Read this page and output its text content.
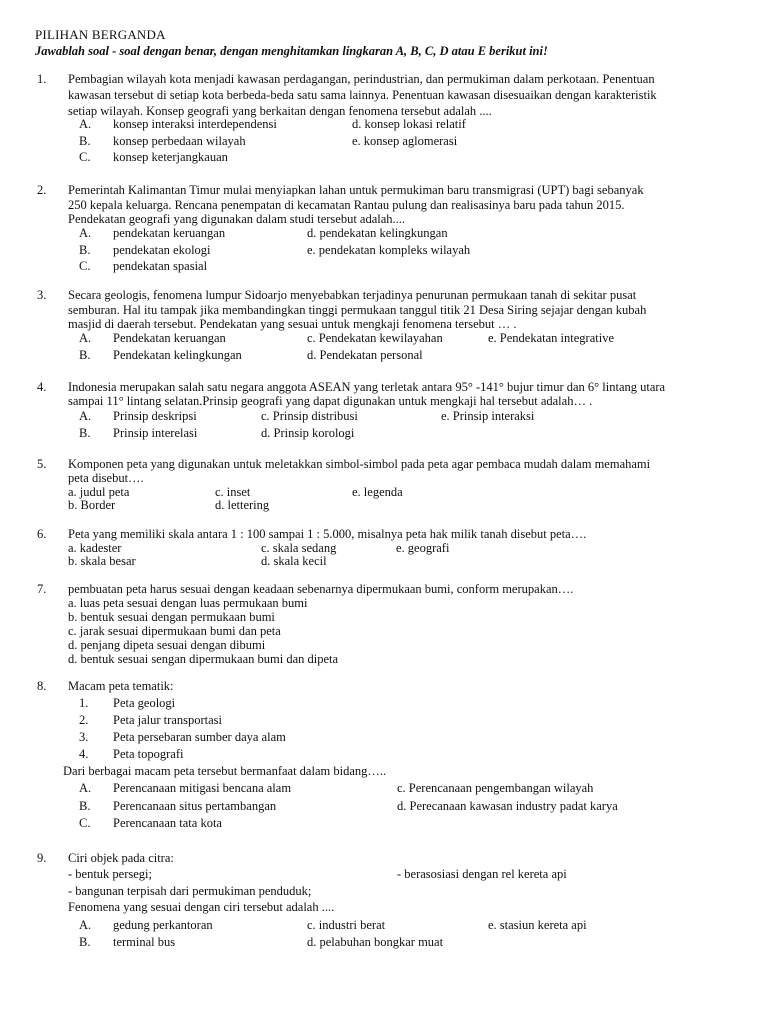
PILIHAN BERGANDA
Jawablah soal - soal dengan benar, dengan menghitamkan lingkaran A, B, C, D atau E berikut ini!
1.	Pembagian wilayah kota menjadi kawasan perdagangan, perindustrian, dan permukiman dalam perkotaan. Penentuan
kawasan tersebut di setiap kota berbeda-beda satu sama lainnya. Penentuan kawasan disesuaikan dengan karakteristik
setiap wilayah. Konsep geografi yang berkaitan dengan fenomena tersebut adalah ....
A. konsep interaksi interdependensi	d. konsep lokasi relatif
B. konsep perbedaan wilayah	e. konsep aglomerasi
C. konsep keterjangkauan
2.	Pemerintah Kalimantan Timur mulai menyiapkan lahan untuk permukiman baru transmigrasi (UPT) bagi sebanyak
250 kepala keluarga. Rencana penempatan di kecamatan Rantau pulung dan realisasinya baru pada tahun 2015.
Pendekatan geografi yang digunakan dalam studi tersebut adalah....
A. pendekatan keruangan	d. pendekatan kelingkungan
B. pendekatan ekologi	e. pendekatan kompleks wilayah
C. pendekatan spasial
3.	Secara geologis, fenomena lumpur Sidoarjo menyebabkan terjadinya penurunan permukaan tanah di sekitar pusat
semburan. Hal itu tampak jika membandingkan tinggi permukaan tanggul titik 21 Desa Siring sejajar dengan kubah
masjid di daerah tersebut. Pendekatan yang sesuai untuk mengkaji fenomena tersebut … .
A. Pendekatan keruangan	c. Pendekatan kewilayahan	e. Pendekatan integrative
B. Pendekatan kelingkungan	d. Pendekatan personal
4.	Indonesia merupakan salah satu negara anggota ASEAN yang terletak antara 95° -141° bujur timur dan 6° lintang utara
sampai 11° lintang selatan.Prinsip geografi yang dapat digunakan untuk mengkaji hal tersebut adalah… .
A. Prinsip deskripsi	c. Prinsip distribusi	e. Prinsip interaksi
B. Prinsip interelasi	d. Prinsip korologi
5.	Komponen peta yang digunakan untuk meletakkan simbol-simbol pada peta agar pembaca mudah dalam memahami
peta disebut….
a. judul peta	c. inset	e. legenda
b. Border	d. lettering
6.	Peta yang memiliki skala antara 1 : 100 sampai 1 : 5.000, misalnya peta hak milik tanah disebut peta….
a. kadester	c. skala sedang	e. geografi
b. skala besar	d. skala kecil
7.	pembuatan peta harus sesuai dengan keadaan sebenarnya dipermukaan bumi, conform merupakan….
a. luas peta sesuai dengan luas permukaan bumi
b. bentuk sesuai dengan permukaan bumi
c. jarak sesuai dipermukaan bumi dan peta
d. penjang dipeta sesuai dengan dibumi
d. bentuk sesuai sengan dipermukaan bumi dan dipeta
8.	Macam peta tematik:
1. Peta geologi
2. Peta jalur transportasi
3. Peta persebaran sumber daya alam
4. Peta topografi
Dari berbagai macam peta tersebut bermanfaat dalam bidang…..
A. Perencanaan mitigasi bencana alam	c. Perencanaan pengembangan wilayah
B. Perencanaan situs pertambangan	d. Perecanaan kawasan industry padat karya
C. Perencanaan tata kota
9.	Ciri objek pada citra:
- bentuk persegi;	- berasosiasi dengan rel kereta api
- bangunan terpisah dari permukiman penduduk;
Fenomena yang sesuai dengan ciri tersebut adalah ....
A. gedung perkantoran	c. industri berat	e. stasiun kereta api
B. terminal bus	d. pelabuhan bongkar muat
